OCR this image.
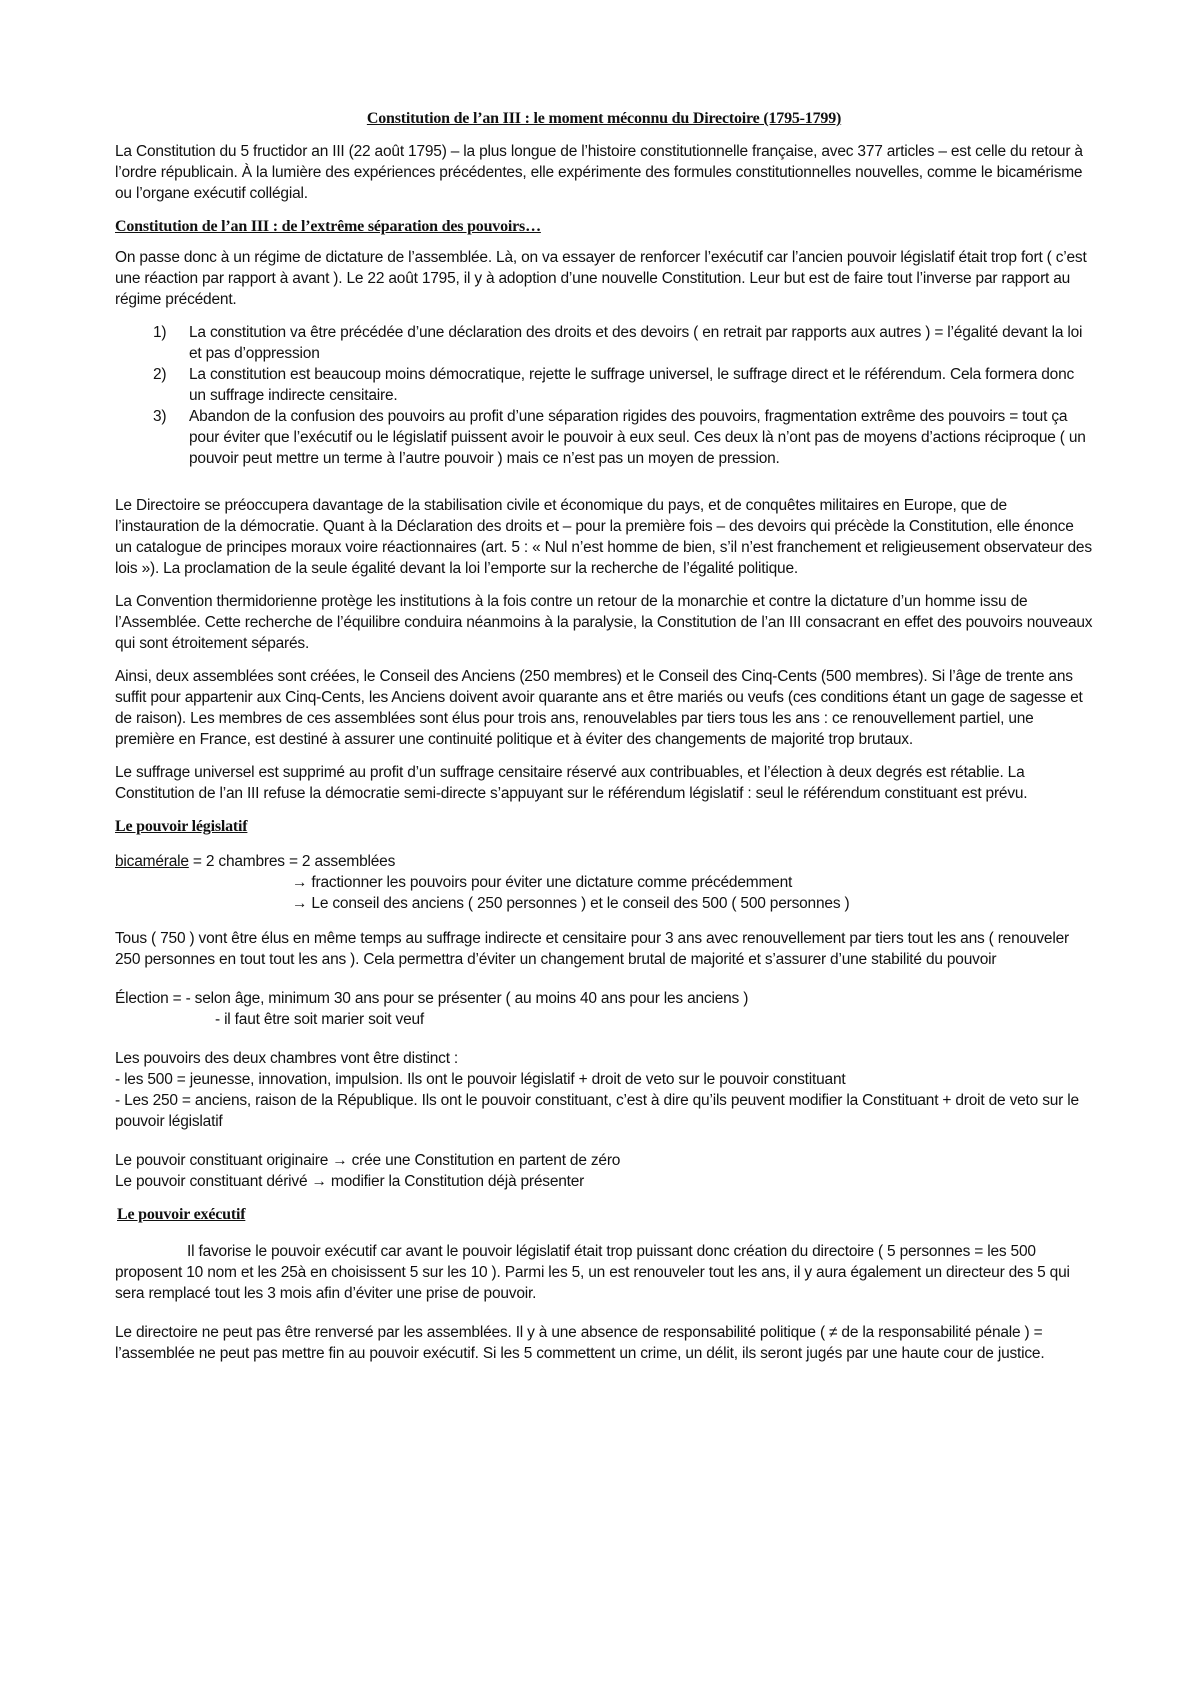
Constitution de l’an III : le moment méconnu du Directoire (1795-1799)

La Constitution du 5 fructidor an III (22 août 1795) – la plus longue de l’histoire constitutionnelle française, avec 377 articles – est celle du retour à l’ordre républicain. À la lumière des expériences précédentes, elle expérimente des formules constitutionnelles nouvelles, comme le bicamérisme ou l’organe exécutif collégial.

Constitution de l’an III : de l’extrême séparation des pouvoirs…

On passe donc à un régime de dictature de l’assemblée. Là, on va essayer de renforcer l’exécutif car l’ancien pouvoir législatif était trop fort ( c’est une réaction par rapport à avant ). Le 22 août 1795, il y à adoption d’une nouvelle Constitution. Leur but est de faire tout l’inverse par rapport au régime précédent.

1) La constitution va être précédée d’une déclaration des droits et des devoirs ( en retrait par rapports aux autres ) = l’égalité devant la loi et pas d’oppression
2) La constitution est beaucoup moins démocratique, rejette le suffrage universel, le suffrage direct et le référendum. Cela formera donc un suffrage indirecte censitaire.
3) Abandon de la confusion des pouvoirs au profit d’une séparation rigides des pouvoirs, fragmentation extrême des pouvoirs = tout ça pour éviter que l’exécutif ou le législatif puissent avoir le pouvoir à eux seul. Ces deux là n’ont pas de moyens d’actions réciproque ( un pouvoir peut mettre un terme à l’autre pouvoir ) mais ce n’est pas un moyen de pression.

Le Directoire se préoccupera davantage de la stabilisation civile et économique du pays, et de conquêtes militaires en Europe, que de l’instauration de la démocratie. Quant à la Déclaration des droits et – pour la première fois – des devoirs qui précède la Constitution, elle énonce un catalogue de principes moraux voire réactionnaires (art. 5 : « Nul n’est homme de bien, s’il n’est franchement et religieusement observateur des lois »). La proclamation de la seule égalité devant la loi l’emporte sur la recherche de l’égalité politique.

La Convention thermidorienne protège les institutions à la fois contre un retour de la monarchie et contre la dictature d’un homme issu de l’Assemblée. Cette recherche de l’équilibre conduira néanmoins à la paralysie, la Constitution de l’an III consacrant en effet des pouvoirs nouveaux qui sont étroitement séparés.

Ainsi, deux assemblées sont créées, le Conseil des Anciens (250 membres) et le Conseil des Cinq-Cents (500 membres). Si l’âge de trente ans suffit pour appartenir aux Cinq-Cents, les Anciens doivent avoir quarante ans et être mariés ou veufs (ces conditions étant un gage de sagesse et de raison). Les membres de ces assemblées sont élus pour trois ans, renouvelables par tiers tous les ans : ce renouvellement partiel, une première en France, est destiné à assurer une continuité politique et à éviter des changements de majorité trop brutaux.

Le suffrage universel est supprimé au profit d’un suffrage censitaire réservé aux contribuables, et l’élection à deux degrés est rétablie. La Constitution de l’an III refuse la démocratie semi-directe s’appuyant sur le référendum législatif : seul le référendum constituant est prévu.

Le pouvoir législatif
bicamérale = 2 chambres = 2 assemblées
→ fractionner les pouvoirs pour éviter une dictature comme précédemment
→ Le conseil des anciens ( 250 personnes ) et le conseil des 500 ( 500 personnes )

Tous ( 750 ) vont être élus en même temps au suffrage indirecte et censitaire pour 3 ans avec renouvellement par tiers tout les ans ( renouveler 250 personnes en tout tout les ans ). Cela permettra d’éviter un changement brutal de majorité et s’assurer d’une stabilité du pouvoir

Élection = - selon âge, minimum 30 ans pour se présenter ( au moins 40 ans pour les anciens )
- il faut être soit marier soit veuf
Les pouvoirs des deux chambres vont être distinct :
- les 500 = jeunesse, innovation, impulsion. Ils ont le pouvoir législatif + droit de veto sur le pouvoir constituant
- Les 250 = anciens, raison de la République. Ils ont le pouvoir constituant, c’est à dire qu’ils peuvent modifier la Constituant + droit de veto sur le pouvoir législatif
Le pouvoir constituant originaire → crée une Constitution en partent de zéro
Le pouvoir constituant dérivé → modifier la Constitution déjà présenter
Le pouvoir exécutif

Il favorise le pouvoir exécutif car avant le pouvoir législatif était trop puissant donc création du directoire ( 5 personnes = les 500 proposent 10 nom et les 25à en choisissent 5 sur les 10 ). Parmi les 5, un est renouveler tout les ans, il y aura également un directeur des 5 qui sera remplacé tout les 3 mois afin d’éviter une prise de pouvoir.

Le directoire ne peut pas être renversé par les assemblées. Il y à une absence de responsabilité politique ( ≠ de la responsabilité pénale ) = l’assemblée ne peut pas mettre fin au pouvoir exécutif. Si les 5 commettent un crime, un délit, ils seront jugés par une haute cour de justice.
